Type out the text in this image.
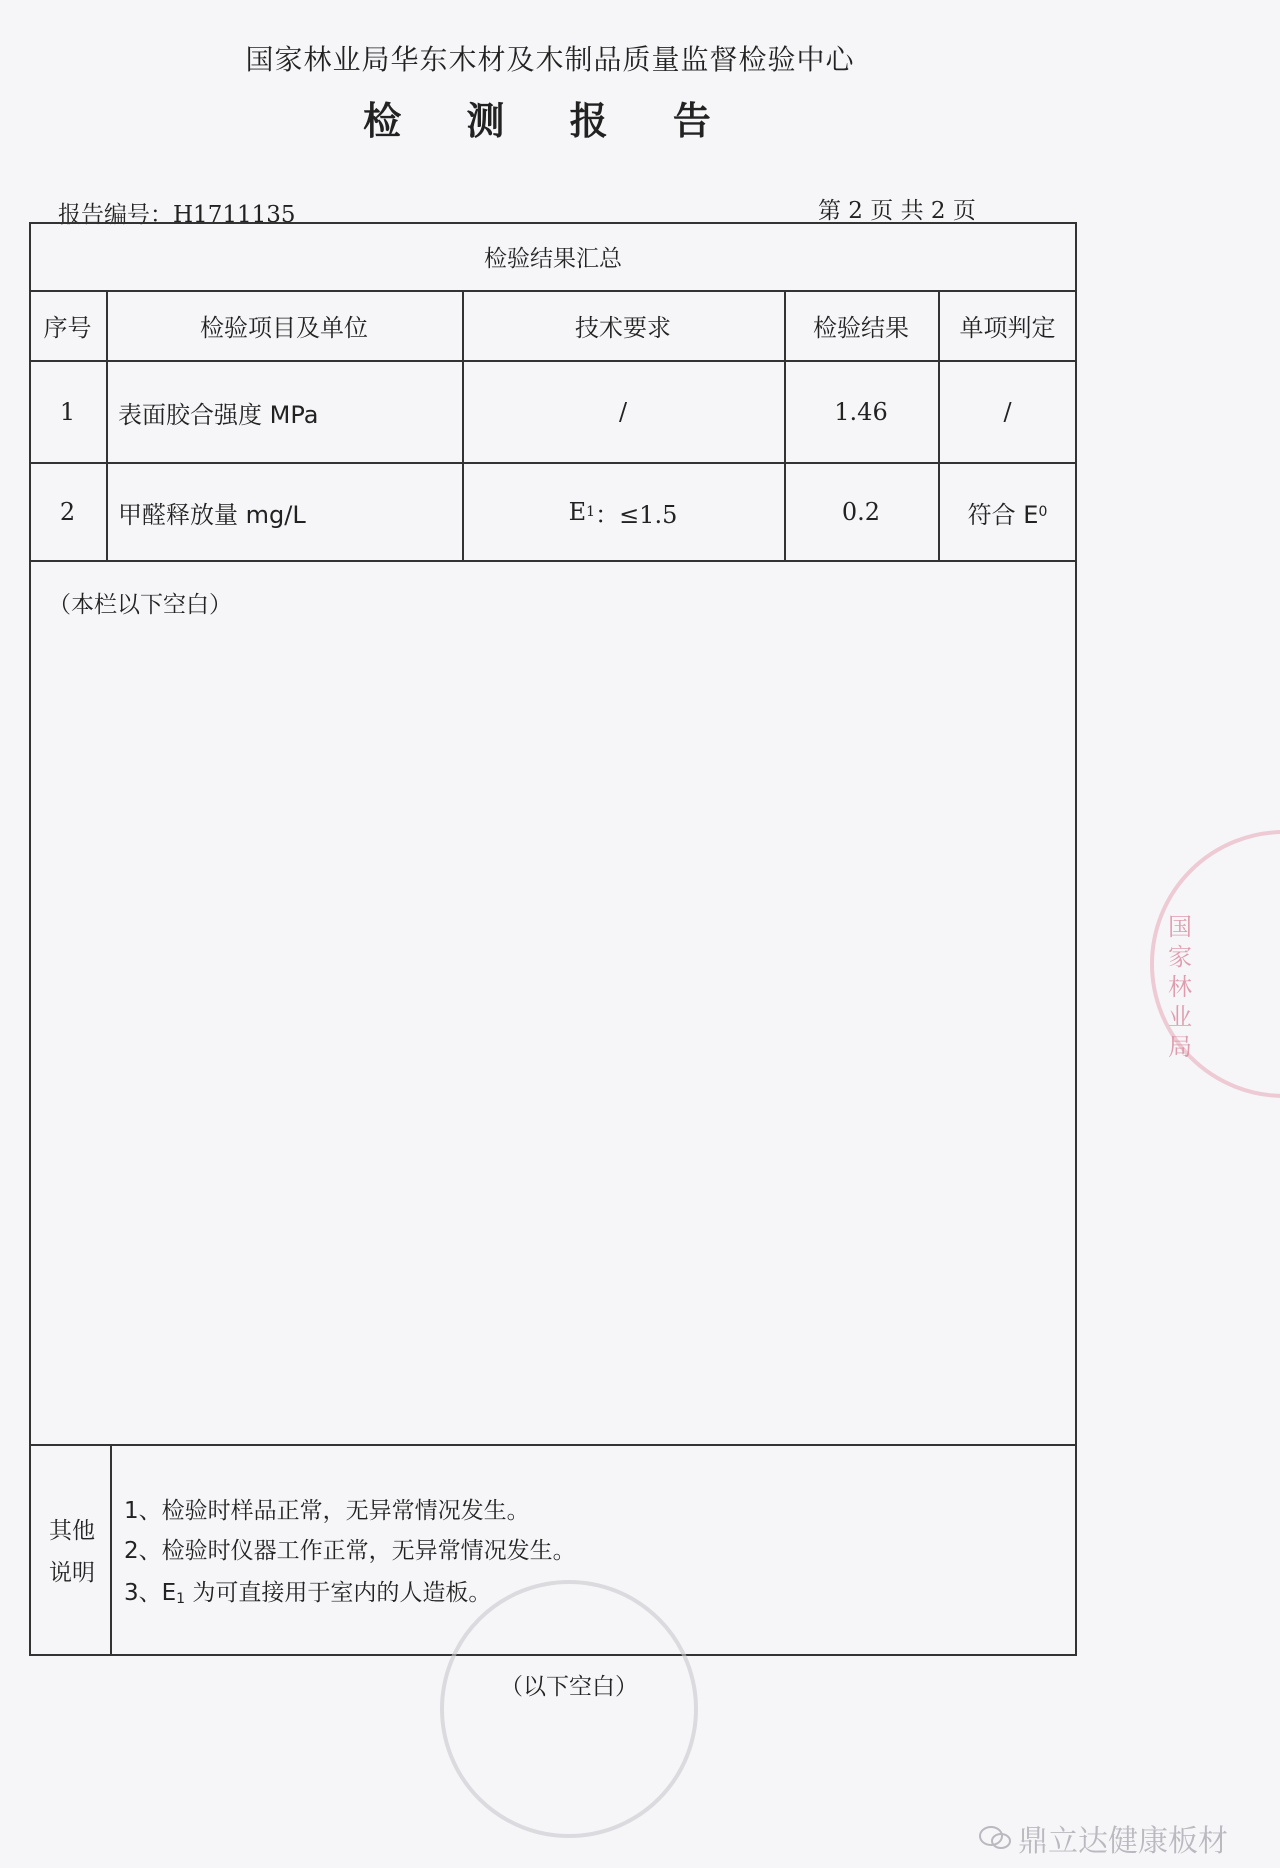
国家林业局华东木材及木制品质量监督检验中心
检 测 报 告
报告编号：H1711135	第 2 页 共 2 页
检验结果汇总
序号	检验项目及单位	技术要求	检验结果	单项判定
1	表面胶合强度 MPa	/	1.46	/
2	甲醛释放量 mg/L	E 1 ：≤1.5	0.2	符合 E 0
（本栏以下空白）
其他
说明
1、检验时样品正常，无异常情况发生。
2、检验时仪器工作正常，无异常情况发生。
3、$E_1$ 为可直接用于室内的人造板。
（以下空白）
国
家
林
业
局
鼎立达健康板材
